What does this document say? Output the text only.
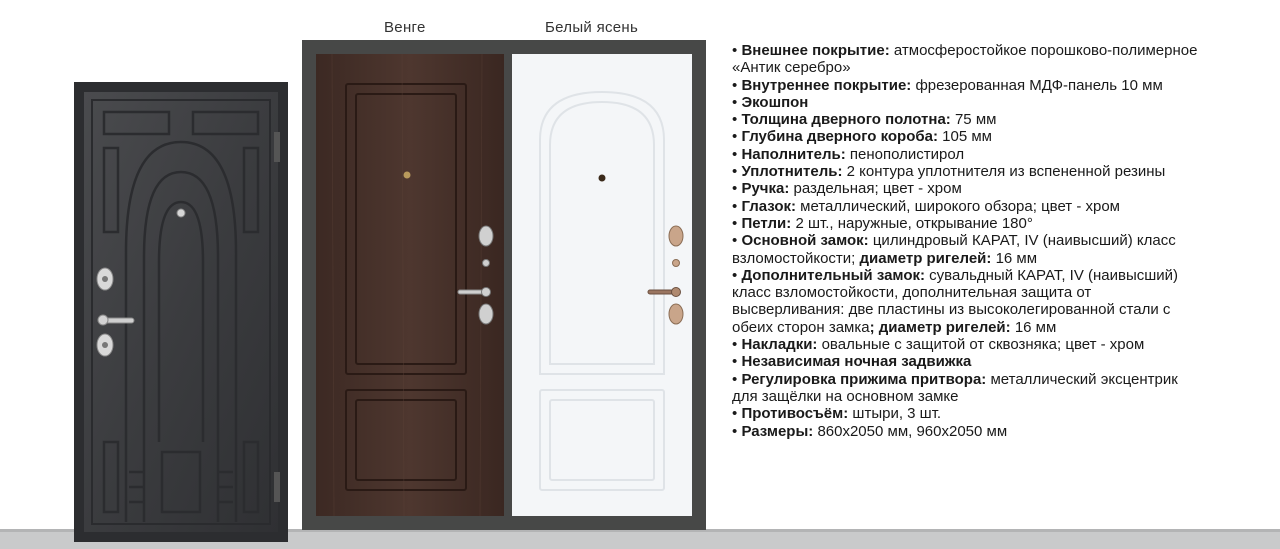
Венге	Белый ясень
• Внешнее покрытие: атмосферостойкое порошково-полимерное «Антик серебро»
• Внутреннее покрытие: фрезерованная МДФ-панель 10 мм
• Экошпон
• Толщина дверного полотна: 75 мм
• Глубина дверного короба: 105 мм
• Наполнитель: пенополистирол
• Уплотнитель: 2 контура уплотнителя из вспененной резины
• Ручка: раздельная; цвет - хром
• Глазок: металлический, широкого обзора; цвет - хром
• Петли: 2 шт., наружные, открывание 180°
• Основной замок: цилиндровый КАРАТ, IV (наивысший) класс взломостойкости; диаметр ригелей: 16 мм
• Дополнительный замок: сувальдный КАРАТ, IV (наивысший) класс взломостойкости, дополнительная защита от высверливания: две пластины из высоколегированной стали с обеих сторон замка; диаметр ригелей: 16 мм
• Накладки: овальные с защитой от сквозняка; цвет - хром
• Независимая ночная задвижка
• Регулировка прижима притвора: металлический эксцентрик для защёлки на основном замке
• Противосъём: штыри, 3 шт.
• Размеры: 860х2050 мм, 960х2050 мм
